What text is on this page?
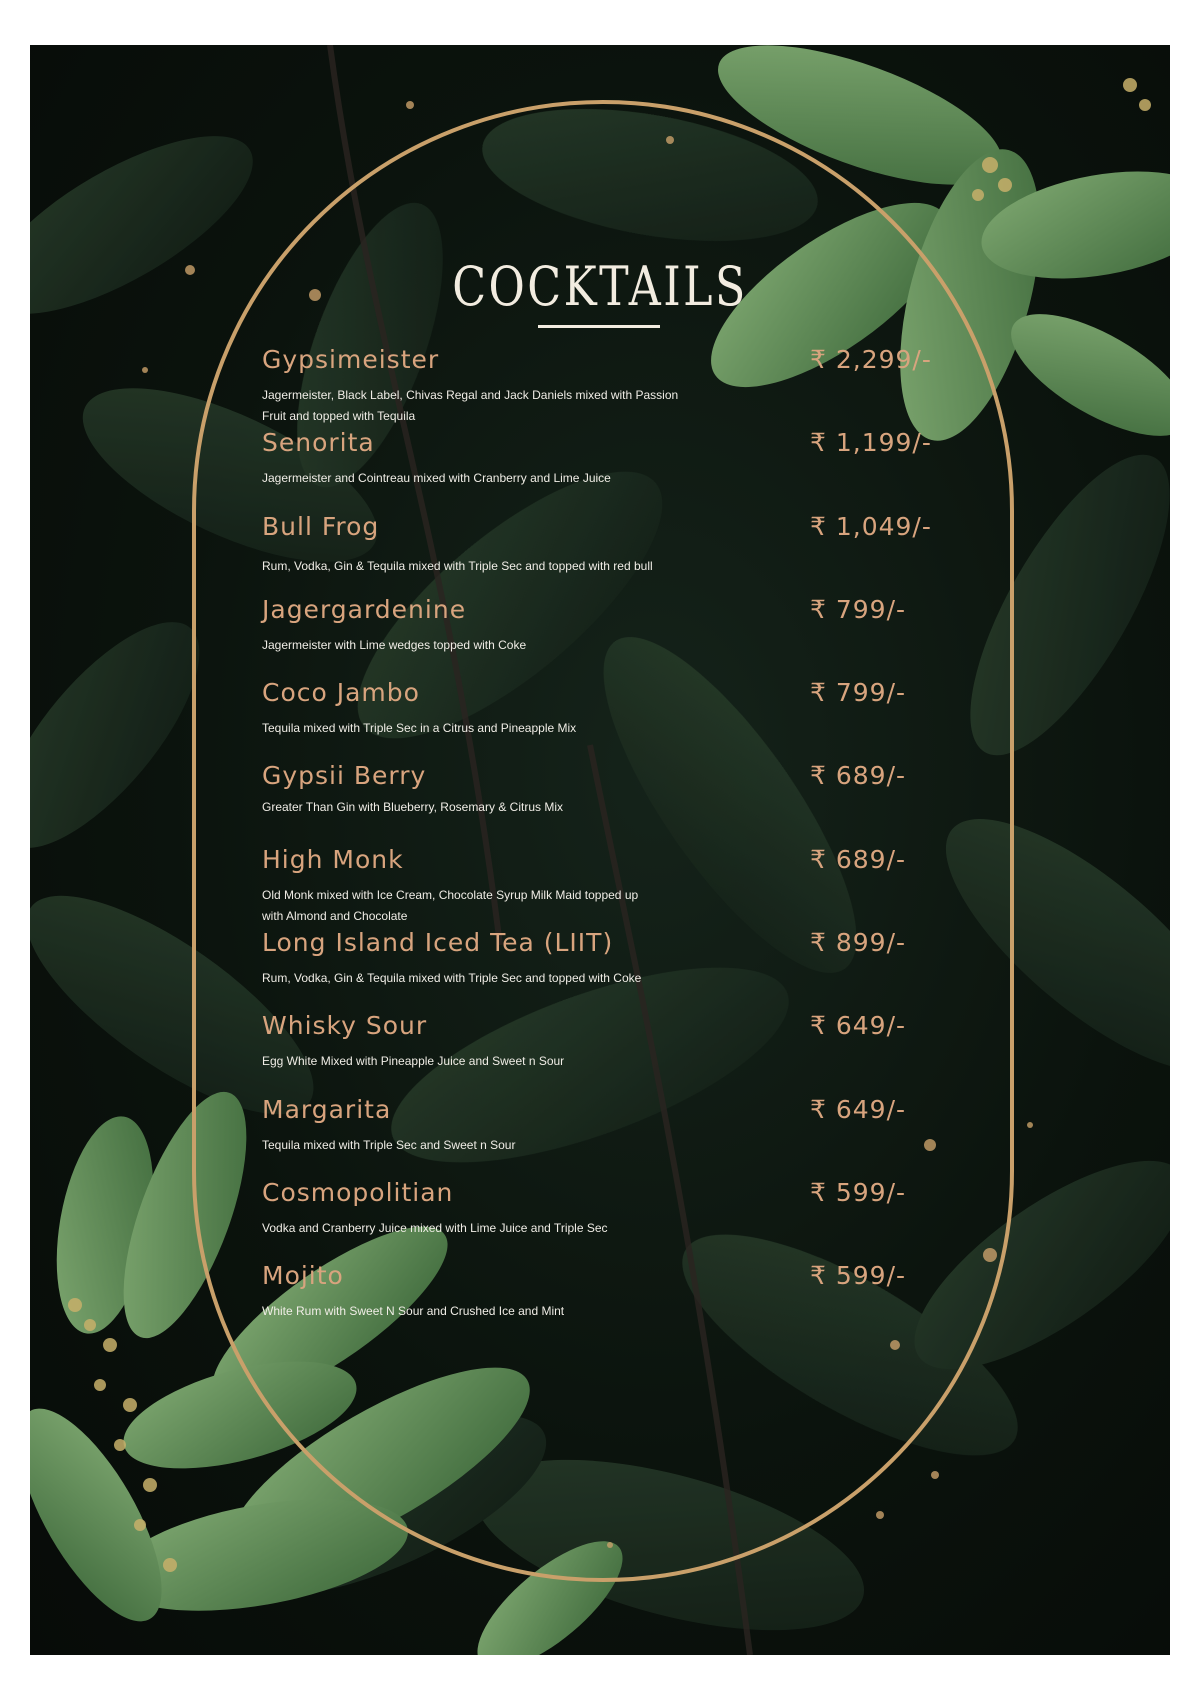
COCKTAILS
Gypsimeister	₹ 2,299/-
Jagermeister, Black Label, Chivas Regal and Jack Daniels mixed with Passion Fruit and topped with Tequila
Senorita	₹ 1,199/-
Jagermeister and Cointreau mixed with Cranberry and Lime Juice
Bull Frog	₹ 1,049/-
Rum, Vodka, Gin & Tequila mixed with Triple Sec and topped with red bull
Jagergardenine	₹ 799/-
Jagermeister with Lime wedges topped with Coke
Coco Jambo	₹ 799/-
Tequila mixed with Triple Sec in a Citrus and Pineapple Mix
Gypsii Berry	₹ 689/-
Greater Than Gin with Blueberry, Rosemary & Citrus Mix
High Monk	₹ 689/-
Old Monk mixed with Ice Cream, Chocolate Syrup Milk Maid topped up with Almond and Chocolate
Long Island Iced Tea (LIIT)	₹ 899/-
Rum, Vodka, Gin & Tequila mixed with Triple Sec and topped with Coke
Whisky Sour	₹ 649/-
Egg White Mixed with Pineapple Juice and Sweet n Sour
Margarita	₹ 649/-
Tequila mixed with Triple Sec and Sweet n Sour
Cosmopolitian	₹ 599/-
Vodka and Cranberry Juice mixed with Lime Juice and Triple Sec
Mojito	₹ 599/-
White Rum with Sweet N Sour and Crushed Ice and Mint
